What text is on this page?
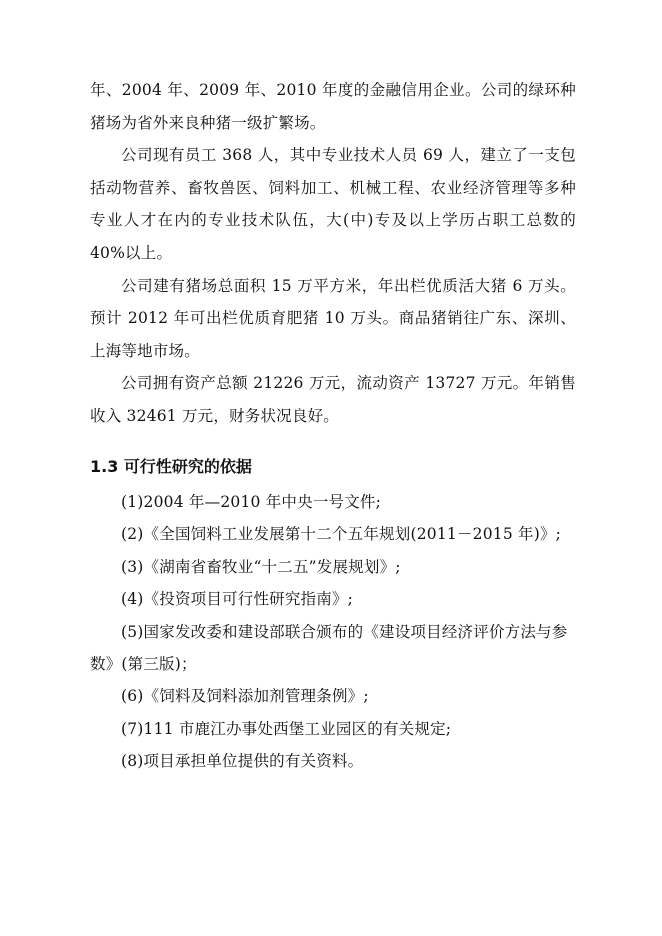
年、2004 年、2009 年、2010 年度的金融信用企业。公司的绿环种猪场为省外来良种猪一级扩繁场。

公司现有员工 368 人，其中专业技术人员 69 人，建立了一支包括动物营养、畜牧兽医、饲料加工、机械工程、农业经济管理等多种专业人才在内的专业技术队伍，大(中)专及以上学历占职工总数的 40%以上。

公司建有猪场总面积 15 万平方米，年出栏优质活大猪 6 万头。预计 2012 年可出栏优质育肥猪 10 万头。商品猪销往广东、深圳、上海等地市场。

公司拥有资产总额 21226 万元，流动资产 13727 万元。年销售收入 32461 万元，财务状况良好。

1.3 可行性研究的依据

(1)2004 年—2010 年中央一号文件;

(2)《全国饲料工业发展第十二个五年规划(2011－2015 年)》;

(3)《湖南省畜牧业“十二五”发展规划》;

(4)《投资项目可行性研究指南》;

(5)国家发改委和建设部联合颁布的《建设项目经济评价方法与参数》(第三版)；

(6)《饲料及饲料添加剂管理条例》;

(7)111 市鹿江办事处西堡工业园区的有关规定;

(8)项目承担单位提供的有关资料。
